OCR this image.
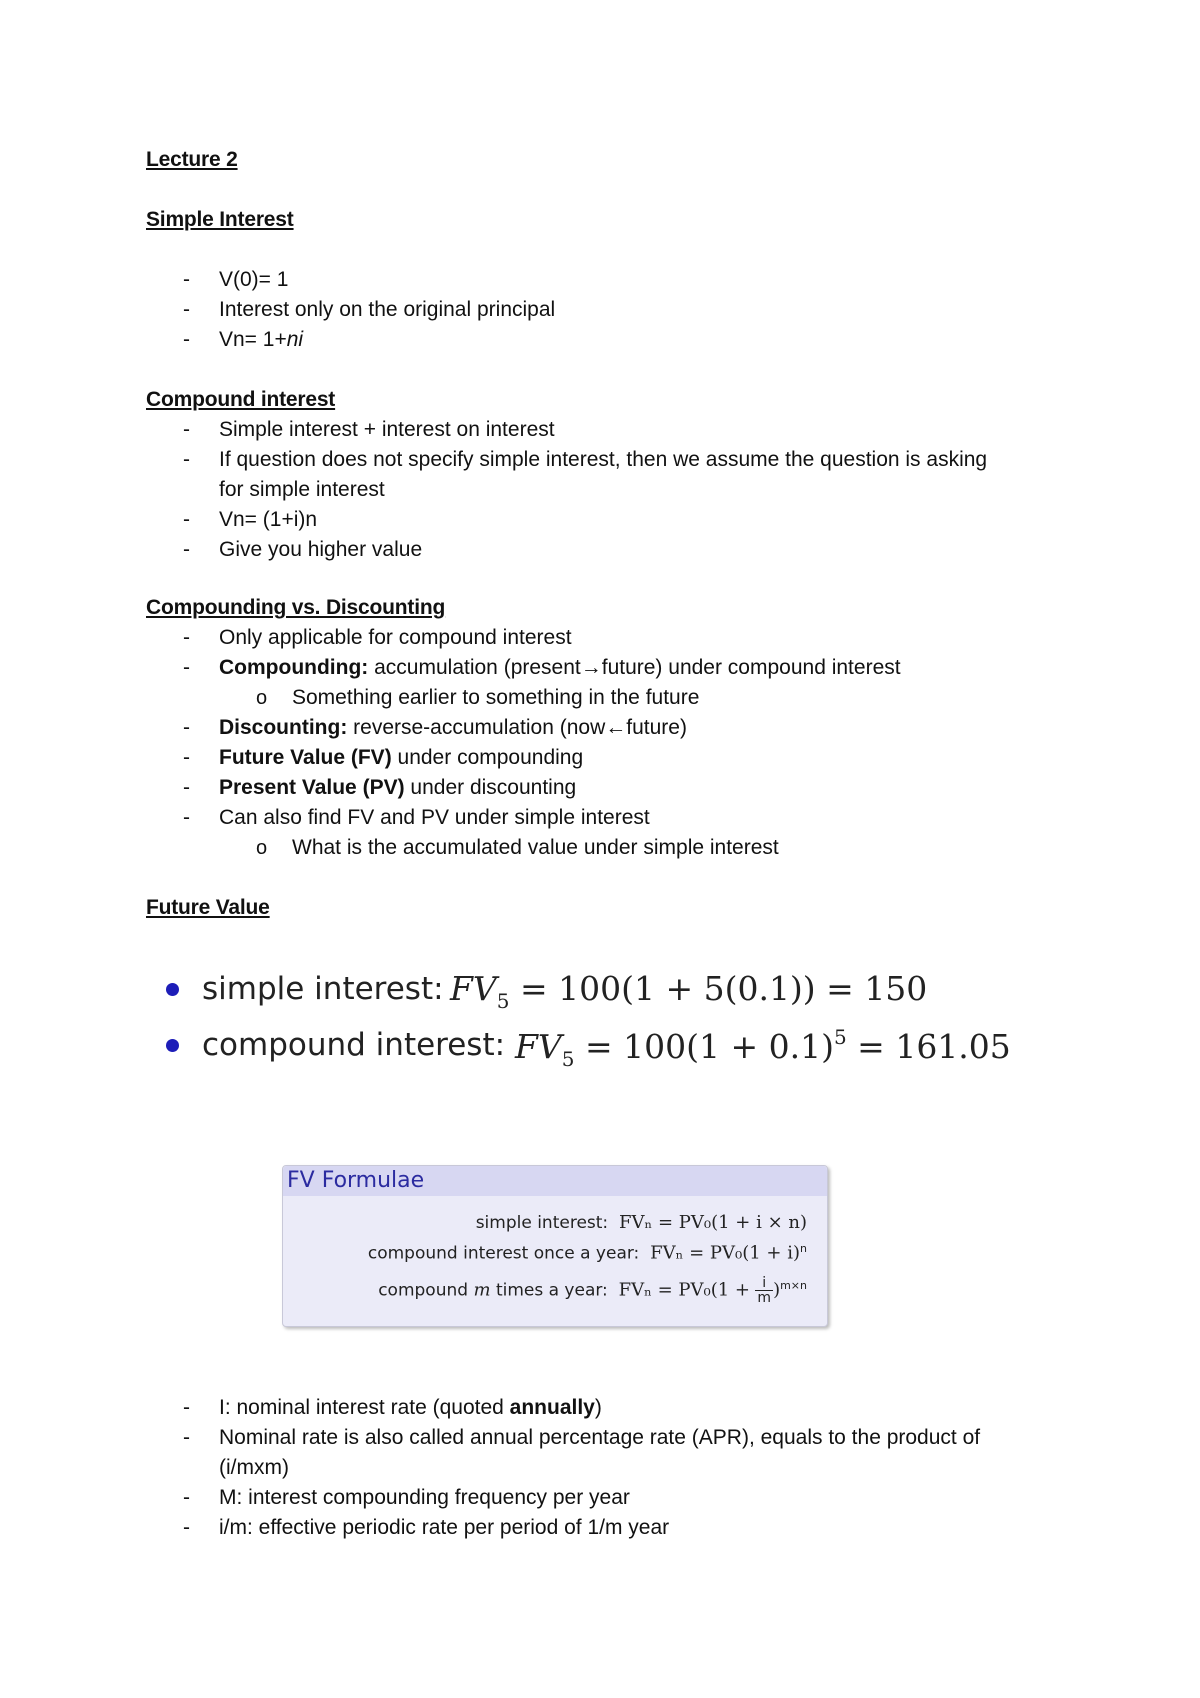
Lecture 2
Simple Interest
- V(0)= 1
- Interest only on the original principal
- Vn= 1+ni
Compound interest
- Simple interest + interest on interest
- If question does not specify simple interest, then we assume the question is asking
for simple interest
- Vn= (1+i)n
- Give you higher value
Compounding vs. Discounting
- Only applicable for compound interest
- Compounding: accumulation (present→future) under compound interest
o Something earlier to something in the future
- Discounting: reverse-accumulation (now←future)
- Future Value (FV) under compounding
- Present Value (PV) under discounting
- Can also find FV and PV under simple interest
o What is the accumulated value under simple interest
Future Value
simple interest: $FV_5 = 100(1 + 5(0.1)) = 150$
compound interest: $FV_5 = 100(1 + 0.1)^5 = 161.05$
FV Formulae
simple interest: FVₙ = PV₀(1 + i × n)
compound interest once a year: $FV_n = PV_0(1 + i)^n$
compound m times a year: $FV_n = PV_0(1 + \frac{i}{m} )^{m\times n}$
- I: nominal interest rate (quoted annually)
- Nominal rate is also called annual percentage rate (APR), equals to the product of
(i/mxm)
- M: interest compounding frequency per year
- i/m: effective periodic rate per period of 1/m year
